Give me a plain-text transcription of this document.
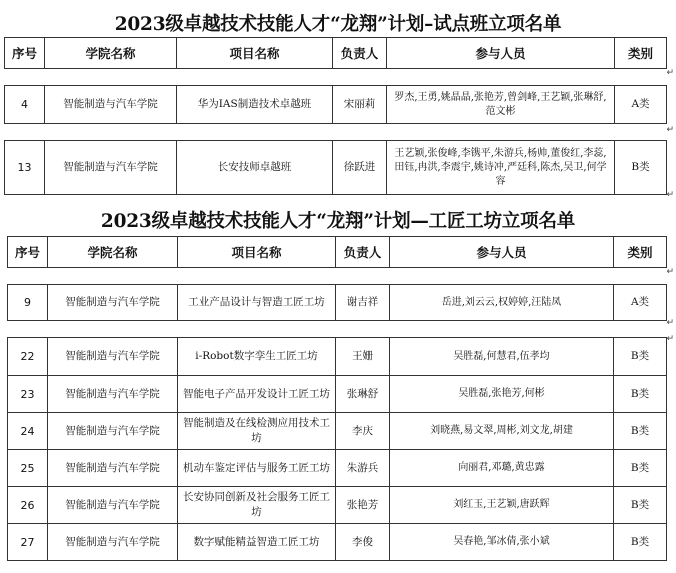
2023级卓越技术技能人才“龙翔”计划–试点班立项名单
序号	学院名称	项目名称	负责人	参与人员	类别

4	智能制造与汽车学院	华为IAS制造技术卓越班	宋丽莉	罗杰,王勇,姚晶晶,张艳芳,曾剑峰,王艺颖,张琳舒,范文彬	A类

13	智能制造与汽车学院	长安技师卓越班	徐跃进	王艺颖,张俊峰,李镌平,朱游兵,杨帅,董俊红,李蕊,田钰,冉洪,李震宇,姚诗冲,严廷科,陈杰,吴卫,何学容	B类
2023级卓越技术技能人才“龙翔”计划—工匠工坊立项名单
序号	学院名称	项目名称	负责人	参与人员	类别

9	智能制造与汽车学院	工业产品设计与智造工匠工坊	谢吉祥	岳进,刘云云,权婷婷,汪陆凤	A类

22	智能制造与汽车学院	i-Robot数字孪生工匠工坊	王姗	吴胜磊,何慧君,伍孝均	B类
23	智能制造与汽车学院	智能电子产品开发设计工匠工坊	张琳舒	吴胜磊,张艳芳,何彬	B类
24	智能制造与汽车学院	智能制造及在线检测应用技术工坊	李庆	刘晓燕,易文翠,周彬,刘文龙,胡建	B类
25	智能制造与汽车学院	机动车鉴定评估与服务工匠工坊	朱游兵	向丽君,邓璐,黄忠露	B类
26	智能制造与汽车学院	长安协同创新及社会服务工匠工坊	张艳芳	刘红玉,王艺颖,唐跃辉	B类
27	智能制造与汽车学院	数字赋能精益智造工匠工坊	李俊	吴春艳,邹冰倩,张小斌	B类
↵
↵
↵
↵
↵
↵
